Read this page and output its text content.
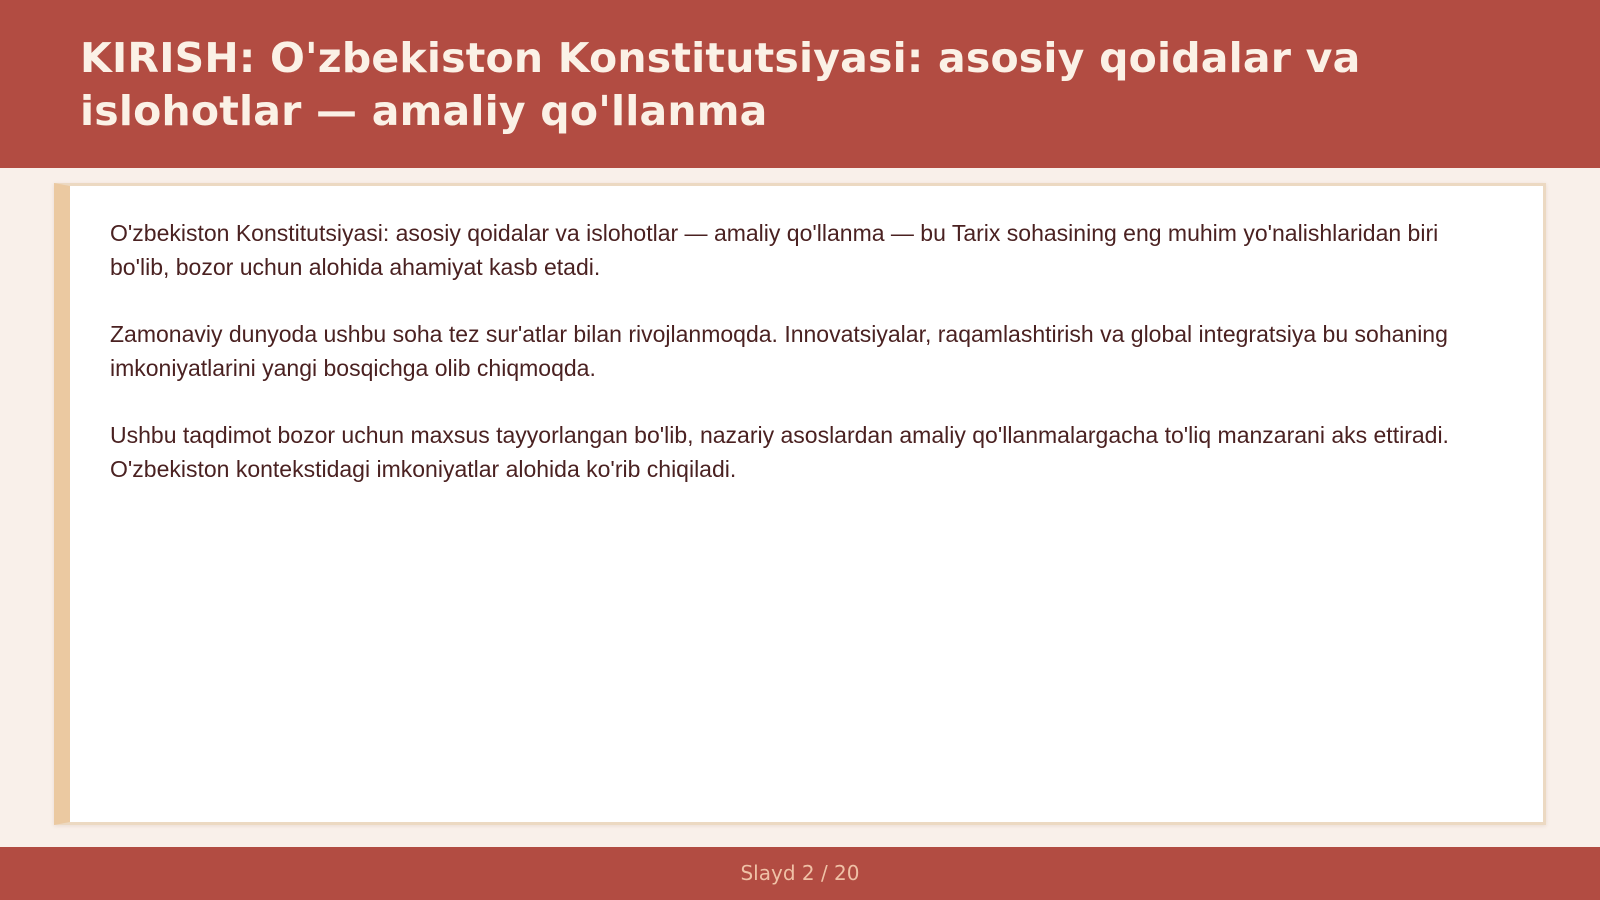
KIRISH: O'zbekiston Konstitutsiyasi: asosiy qoidalar va islohotlar — amaliy qo'llanma

O'zbekiston Konstitutsiyasi: asosiy qoidalar va islohotlar — amaliy qo'llanma — bu Tarix sohasining eng muhim yo'nalishlaridan biri bo'lib, bozor uchun alohida ahamiyat kasb etadi.

Zamonaviy dunyoda ushbu soha tez sur'atlar bilan rivojlanmoqda. Innovatsiyalar, raqamlashtirish va global integratsiya bu sohaning imkoniyatlarini yangi bosqichga olib chiqmoqda.

Ushbu taqdimot bozor uchun maxsus tayyorlangan bo'lib, nazariy asoslardan amaliy qo'llanmalargacha to'liq manzarani aks ettiradi. O'zbekiston kontekstidagi imkoniyatlar alohida ko'rib chiqiladi.

Slayd 2 / 20
